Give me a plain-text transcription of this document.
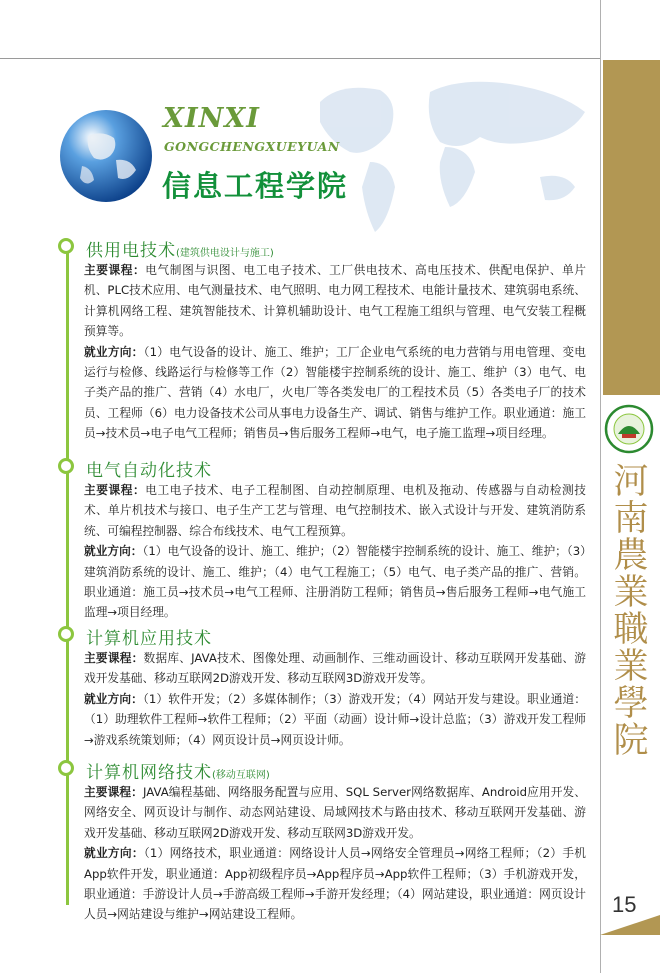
河
南
農
業
職
業
學
院
15
XINXI
GONGCHENGXUEYUAN
信息工程学院
供用电技术(建筑供电设计与施工)

主要课程：电气制图与识图、电工电子技术、工厂供电技术、高电压技术、供配电保护、单片机、PLC技术应用、电气测量技术、电气照明、电力网工程技术、电能计量技术、建筑弱电系统、计算机网络工程、建筑智能技术、计算机辅助设计、电气工程施工组织与管理、电气安装工程概预算等。

就业方向：（1）电气设备的设计、施工、维护；工厂企业电气系统的电力营销与用电管理、变电运行与检修、线路运行与检修等工作（2）智能楼宇控制系统的设计、施工、维护（3）电气、电子类产品的推广、营销（4）水电厂，火电厂等各类发电厂的工程技术员（5）各类电子厂的技术员、工程师（6）电力设备技术公司从事电力设备生产、调试、销售与维护工作。职业通道：施工员→技术员→电子电气工程师；销售员→售后服务工程师→电气，电子施工监理→项目经理。

电气自动化技术

主要课程：电工电子技术、电子工程制图、自动控制原理、电机及拖动、传感器与自动检测技术、单片机技术与接口、电子生产工艺与管理、电气控制技术、嵌入式设计与开发、建筑消防系统、可编程控制器、综合布线技术、电气工程预算。

就业方向：（1）电气设备的设计、施工、维护；（2）智能楼宇控制系统的设计、施工、维护；（3）建筑消防系统的设计、施工、维护；（4）电气工程施工；（5）电气、电子类产品的推广、营销。职业通道：施工员→技术员→电气工程师、注册消防工程师；销售员→售后服务工程师→电气施工监理→项目经理。

计算机应用技术

主要课程：数据库、JAVA技术、图像处理、动画制作、三维动画设计、移动互联网开发基础、游戏开发基础、移动互联网2D游戏开发、移动互联网3D游戏开发等。

就业方向：（1）软件开发；（2）多媒体制作；（3）游戏开发；（4）网站开发与建设。职业通道：（1）助理软件工程师→软件工程师；（2）平面（动画）设计师→设计总监；（3）游戏开发工程师→游戏系统策划师；（4）网页设计员→网页设计师。

计算机网络技术(移动互联网)

主要课程：JAVA编程基础、网络服务配置与应用、SQL Server网络数据库、Android应用开发、网络安全、网页设计与制作、动态网站建设、局域网技术与路由技术、移动互联网开发基础、游戏开发基础、移动互联网2D游戏开发、移动互联网3D游戏开发。

就业方向：（1）网络技术，职业通道：网络设计人员→网络安全管理员→网络工程师；（2）手机App软件开发，职业通道：App初级程序员→App程序员→App软件工程师；（3）手机游戏开发，职业通道：手游设计人员→手游高级工程师→手游开发经理；（4）网站建设，职业通道：网页设计人员→网站建设与维护→网站建设工程师。
